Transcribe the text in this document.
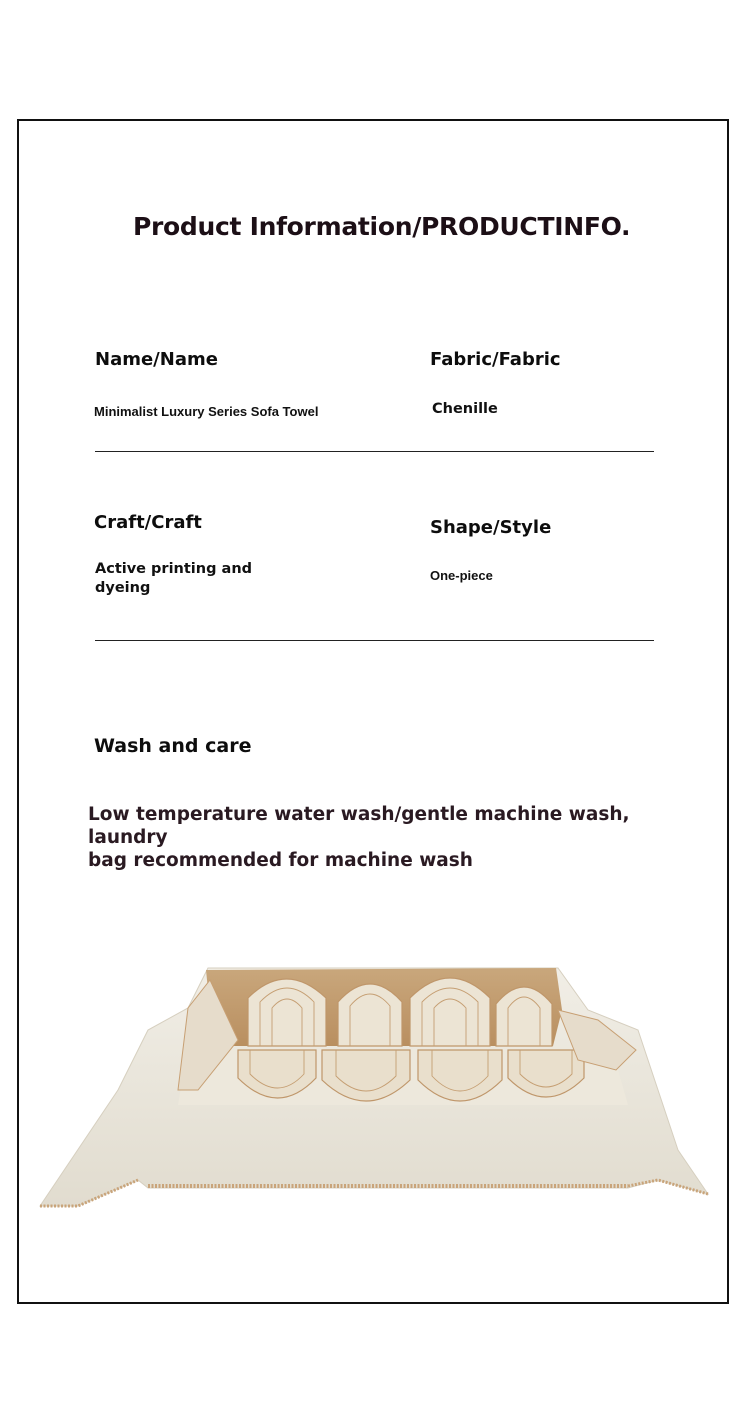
Product Information/PRODUCTINFO.
Name/Name
Minimalist Luxury Series Sofa Towel
Fabric/Fabric
Chenille
Craft/Craft
Active printing and
dyeing
Shape/Style
One-piece
Wash and care
Low temperature water wash/gentle machine wash, laundry
bag recommended for machine wash
